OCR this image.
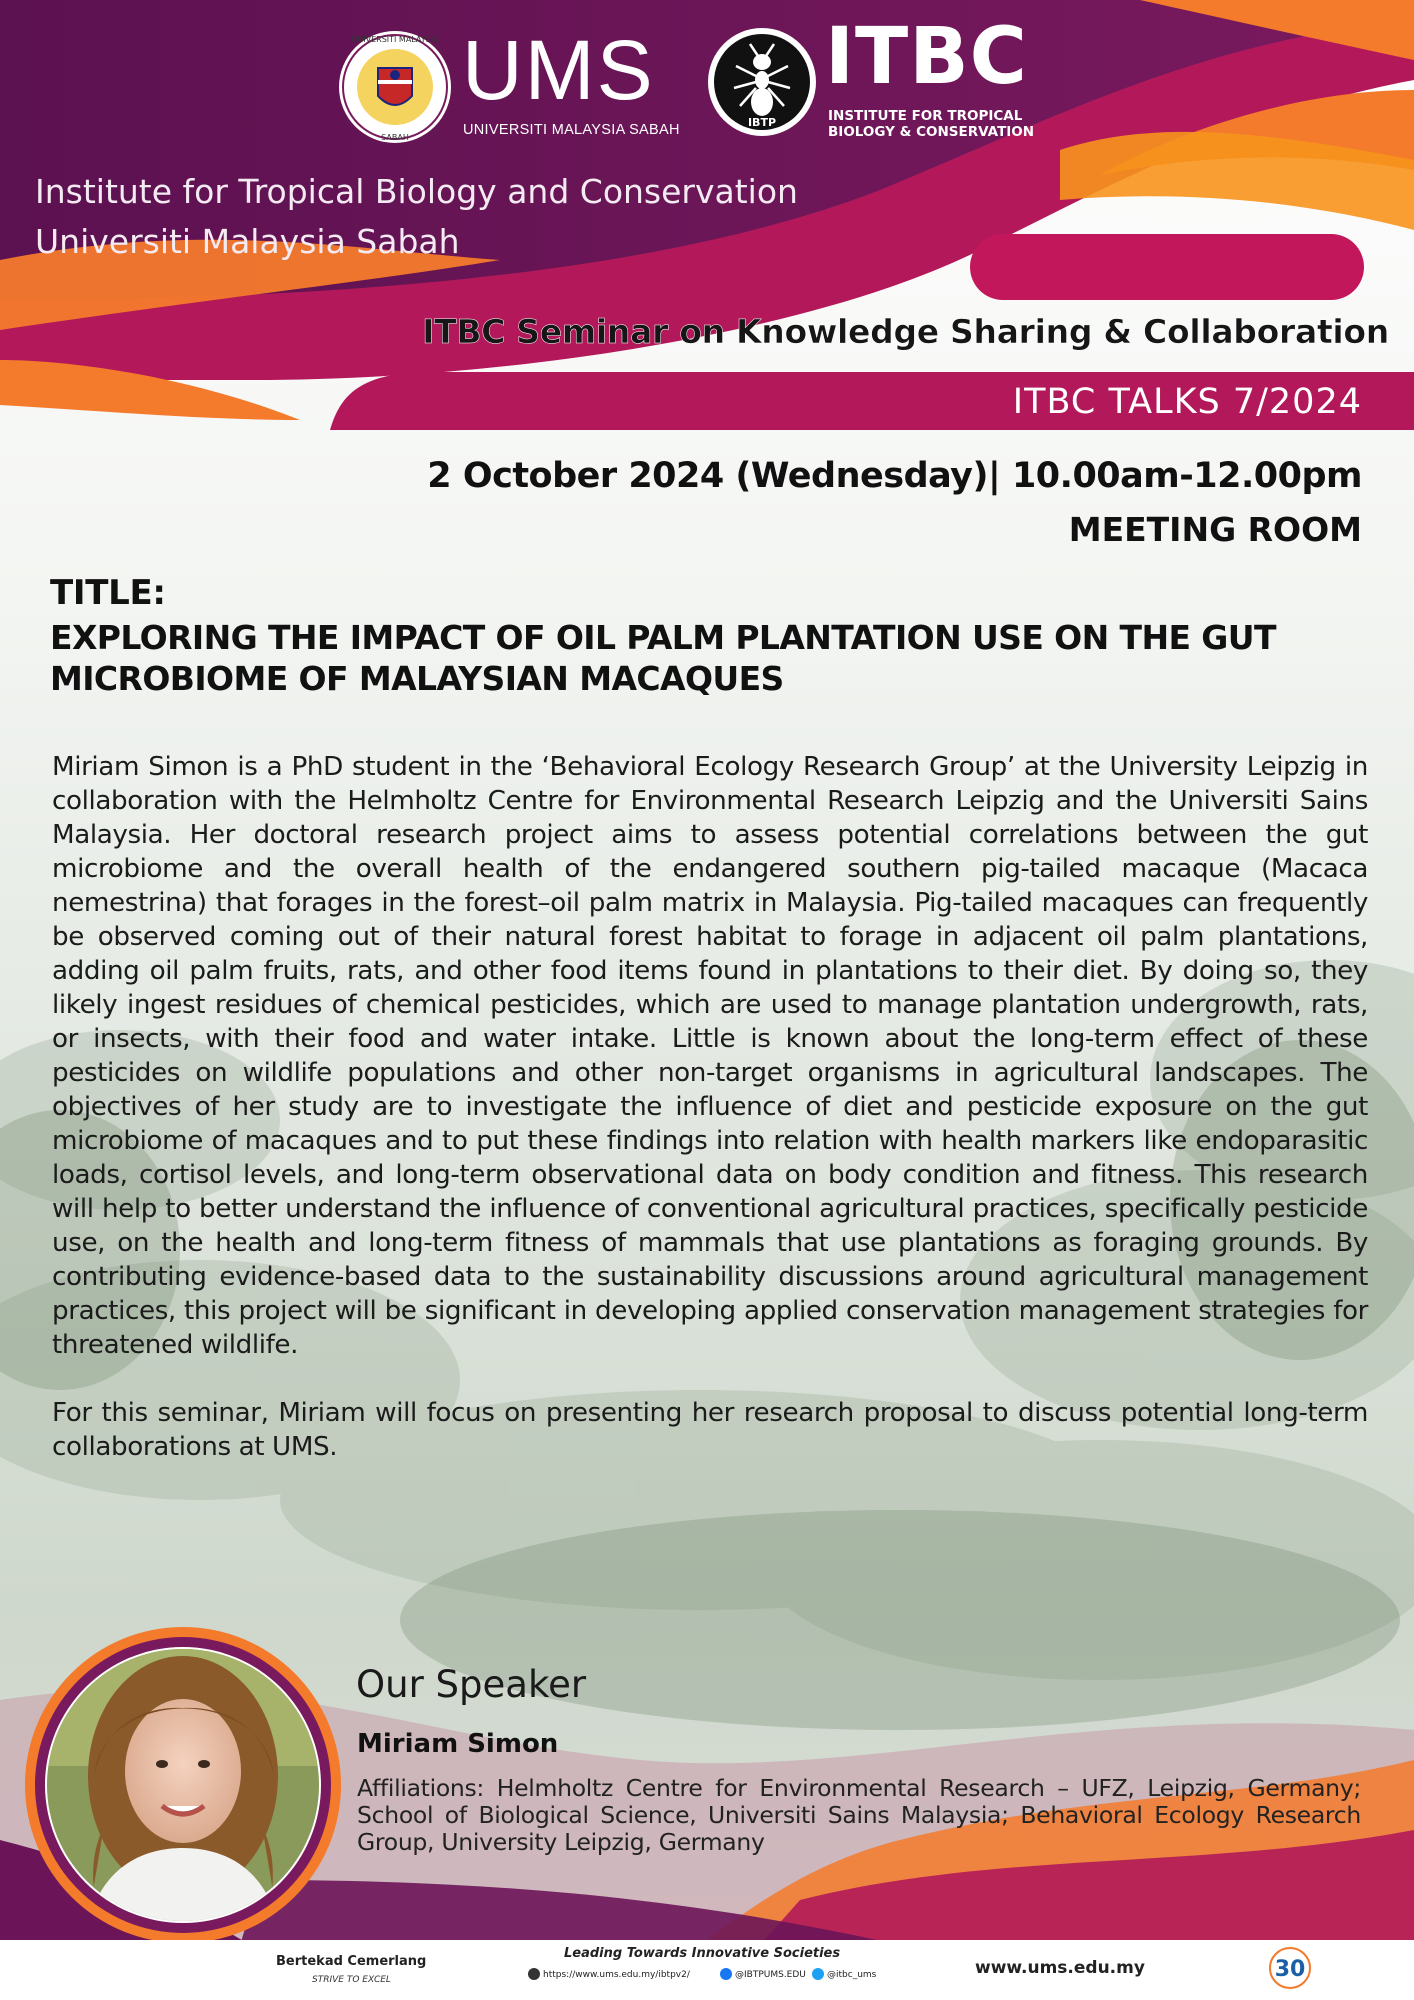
UNIVERSITI MALAYSIA
SABAH
UMS
UNIVERSITI MALAYSIA SABAH	IBTP
ITBC
INSTITUTE FOR TROPICAL
BIOLOGY & CONSERVATION
Institute for Tropical Biology and Conservation
Universiti Malaysia Sabah
ITBC Seminar on Knowledge Sharing & Collaboration
ITBC TALKS 7/2024
2 October 2024 (Wednesday)| 10.00am-12.00pm
MEETING ROOM
TITLE:
EXPLORING THE IMPACT OF OIL PALM PLANTATION USE ON THE GUT MICROBIOME OF MALAYSIAN MACAQUES

Miriam Simon is a PhD student in the ‘Behavioral Ecology Research Group’ at the University Leipzig in collaboration with the Helmholtz Centre for Environmental Research Leipzig and the Universiti Sains Malaysia. Her doctoral research project aims to assess potential correlations between the gut microbiome and the overall health of the endangered southern pig-tailed macaque (Macaca nemestrina) that forages in the forest–oil palm matrix in Malaysia. Pig-tailed macaques can frequently be observed coming out of their natural forest habitat to forage in adjacent oil palm plantations, adding oil palm fruits, rats, and other food items found in plantations to their diet. By doing so, they likely ingest residues of chemical pesticides, which are used to manage plantation undergrowth, rats, or insects, with their food and water intake. Little is known about the long-term effect of these pesticides on wildlife populations and other non-target organisms in agricultural landscapes. The objectives of her study are to investigate the influence of diet and pesticide exposure on the gut microbiome of macaques and to put these findings into relation with health markers like endoparasitic loads, cortisol levels, and long-term observational data on body condition and fitness. This research will help to better understand the influence of conventional agricultural practices, specifically pesticide use, on the health and long-term fitness of mammals that use plantations as foraging grounds. By contributing evidence-based data to the sustainability discussions around agricultural management practices, this project will be significant in developing applied conservation management strategies for threatened wildlife.

For this seminar, Miriam will focus on presenting her research proposal to discuss potential long-term collaborations at UMS.

Our Speaker
Miriam Simon
Affiliations: Helmholtz Centre for Environmental Research – UFZ, Leipzig, Germany; School of Biological Science, Universiti Sains Malaysia; Behavioral Ecology Research Group, University Leipzig, Germany
Bertekad Cemerlang
STRIVE TO EXCEL
Leading Towards Innovative Societies
https://www.ums.edu.my/ibtpv2/	@IBTPUMS.EDU @itbc_ums	www.ums.edu.my	30
